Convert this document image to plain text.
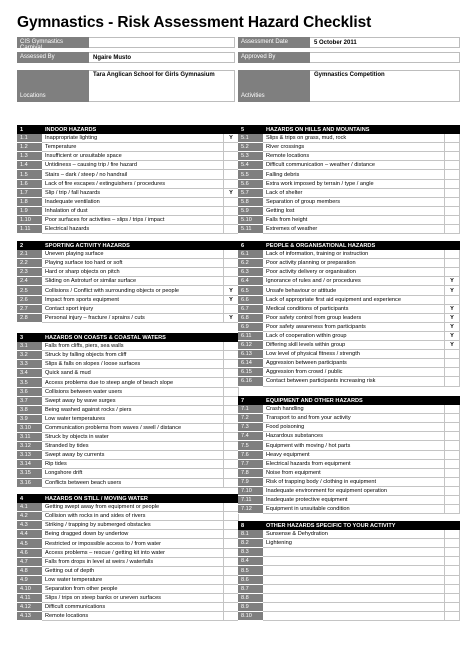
Gymnastics - Risk Assessment Hazard Checklist
CIS Gymnastics Carnival
Assessment Date	5 October 2011
Assessed By	Ngaire Musto	Approved By
Locations
Tara Anglican School for Girls Gymnasium
Activities
Gymnastics Competition
1	INDOOR HAZARDS
1.1	Inappropriate lighting	Y
1.2	Temperature
1.3	Insufficient or unsuitable space
1.4	Untidiness – causing trip / fire hazard
1.5	Stairs – dark / steep / no handrail
1.6	Lack of fire escapes / extinguishers / procedures
1.7	Slip / trip / fall hazards	Y
1.8	Inadequate ventilation
1.9	Inhalation of dust
1.10	Poor surfaces for activities – slips / trips / impact
1.11	Electrical hazards
2	SPORTING ACTIVITY HAZARDS
2.1	Uneven playing surface
2.2	Playing surface too hard or soft
2.3	Hard or sharp objects on pitch
2.4	Sliding on Astroturf or similar surface
2.5	Collisions / Conflict with surrounding objects or people	Y
2.6	Impact from sports equipment	Y
2.7	Contact sport injury
2.8	Personal injury – fracture / sprains / cuts	Y
3	HAZARDS ON COASTS & COASTAL WATERS
3.1	Falls from cliffs, piers, sea walls
3.2	Struck by falling objects from cliff
3.3	Slips & falls on slopes / loose surfaces
3.4	Quick sand & mud
3.5	Access problems due to steep angle of beach slope
3.6	Collisions between water users
3.7	Swept away by wave surges
3.8	Being washed against rocks / piers
3.9	Low water temperatures
3.10	Communication problems from waves / swell / distance
3.11	Struck by objects in water
3.12	Stranded by tides
3.13	Swept away by currents
3.14	Rip tides
3.15	Longshore drift
3.16	Conflicts between beach users
4	HAZARDS ON STILL / MOVING WATER
4.1	Getting swept away from equipment or people
4.2	Collision with rocks in and sides of rivers
4.3	Striking / trapping by submerged obstacles
4.4	Being dragged down by undertow
4.5	Restricted or impossible access to / from water
4.6	Access problems – rescue / getting kit into water
4.7	Falls from drops in level at weirs / waterfalls
4.8	Getting out of depth
4.9	Low water temperature
4.10	Separation from other people
4.11	Slips / trips on steep banks or uneven surfaces
4.12	Difficult communications
4.13	Remote locations
5	HAZARDS ON HILLS AND MOUNTAINS
5.1	Slips & trips on grass, mud, rock
5.2	River crossings
5.3	Remote locations
5.4	Difficult communication – weather / distance
5.5	Falling debris
5.6	Extra work imposed by terrain / type / angle
5.7	Lack of shelter
5.8	Separation of group members
5.9	Getting lost
5.10	Falls from height
5.11	Extremes of weather
6	PEOPLE & ORGANISATIONAL HAZARDS
6.1	Lack of information, training or instruction
6.2	Poor activity planning or preparation
6.3	Poor activity delivery or organisation
6.4	Ignorance of rules and / or procedures	Y
6.5	Unsafe behaviour or attitude	Y
6.6	Lack of appropriate first aid equipment and experience
6.7	Medical conditions of participants	Y
6.8	Poor safety control from group leaders	Y
6.9	Poor safety awareness from participants	Y
6.11	Lack of cooperation within group	Y
6.12	Differing skill levels within group	Y
6.13	Low level of physical fitness / strength
6.14	Aggression between participants
6.15	Aggression from crowd / public
6.16	Contact between participants increasing risk
7	EQUIPMENT AND OTHER HAZARDS
7.1	Crash handling
7.2	Transport to and from your activity
7.3	Food poisoning
7.4	Hazardous substances
7.5	Equipment with moving / hot parts
7.6	Heavy equipment
7.7	Electrical hazards from equipment
7.8	Noise from equipment
7.9	Risk of trapping body / clothing in equipment
7.10	Inadequate environment for equipment operation
7.11	Inadequate protective equipment
7.12	Equipment in unsuitable condition
8	OTHER HAZARDS SPECIFIC TO YOUR ACTIVITY
8.1	Sunsense & Dehydration
8.2	Lightening
8.3
8.4
8.5
8.6
8.7
8.8
8.9
8.10
